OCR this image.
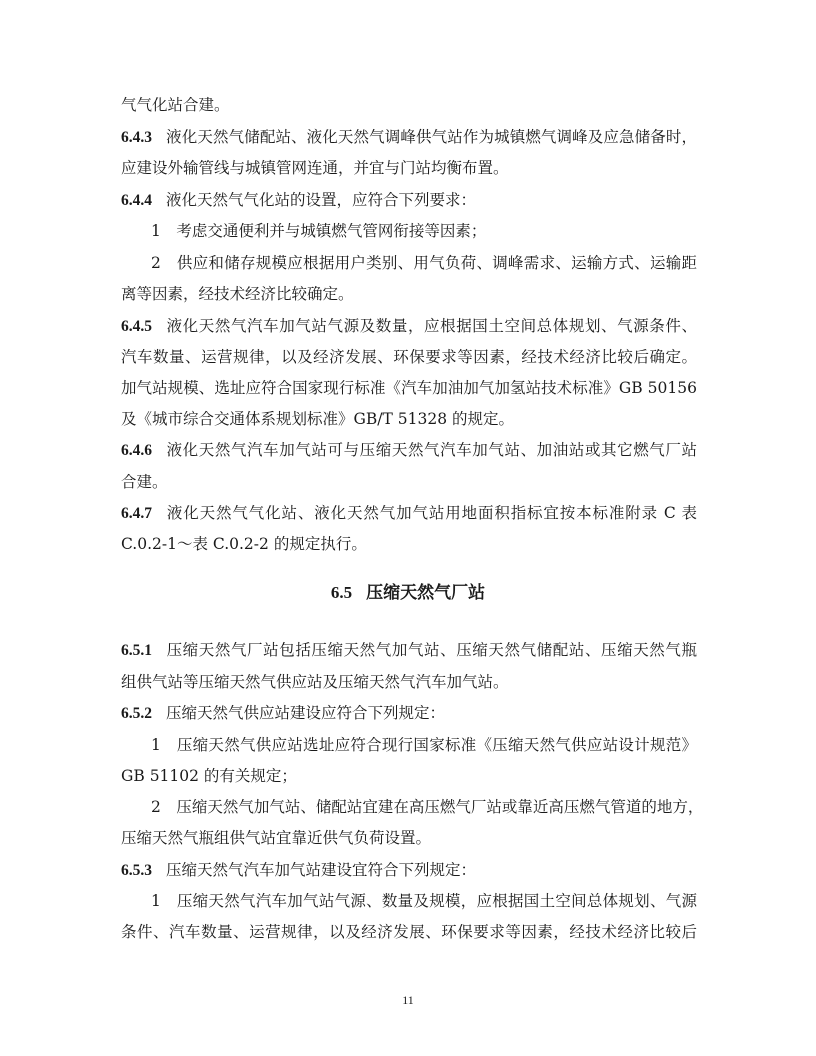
气气化站合建。
6.4.3 液化天然气储配站、液化天然气调峰供气站作为城镇燃气调峰及应急储备时，
应建设外输管线与城镇管网连通，并宜与门站均衡布置。
6.4.4 液化天然气气化站的设置，应符合下列要求：
1　考虑交通便利并与城镇燃气管网衔接等因素；
2　供应和储存规模应根据用户类别、用气负荷、调峰需求、运输方式、运输距
离等因素，经技术经济比较确定。
6.4.5 液化天然气汽车加气站气源及数量，应根据国土空间总体规划、气源条件、
汽车数量、运营规律，以及经济发展、环保要求等因素，经技术经济比较后确定。
加气站规模、选址应符合国家现行标准《汽车加油加气加氢站技术标准》GB 50156
及《城市综合交通体系规划标准》GB/T 51328 的规定。
6.4.6 液化天然气汽车加气站可与压缩天然气汽车加气站、加油站或其它燃气厂站
合建。
6.4.7 液化天然气气化站、液化天然气加气站用地面积指标宜按本标准附录 C 表
C.0.2-1～表 C.0.2-2 的规定执行。
6.5 压缩天然气厂站
6.5.1 压缩天然气厂站包括压缩天然气加气站、压缩天然气储配站、压缩天然气瓶
组供气站等压缩天然气供应站及压缩天然气汽车加气站。
6.5.2 压缩天然气供应站建设应符合下列规定：
1　压缩天然气供应站选址应符合现行国家标准《压缩天然气供应站设计规范》
GB 51102 的有关规定；
2　压缩天然气加气站、储配站宜建在高压燃气厂站或靠近高压燃气管道的地方，
压缩天然气瓶组供气站宜靠近供气负荷设置。
6.5.3 压缩天然气汽车加气站建设宜符合下列规定：
1　压缩天然气汽车加气站气源、数量及规模，应根据国土空间总体规划、气源
条件、汽车数量、运营规律，以及经济发展、环保要求等因素，经技术经济比较后
11
